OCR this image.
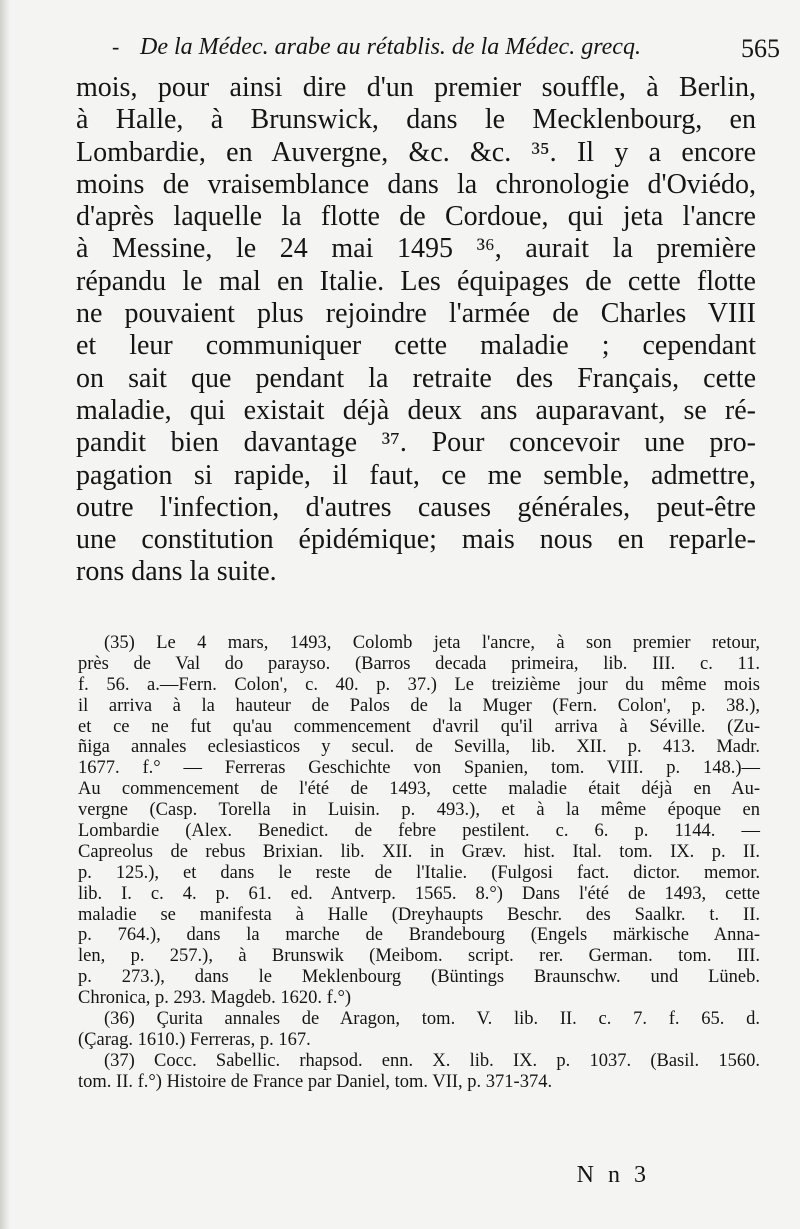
- De la Médec. arabe au rétablis. de la Médec. grecq.	565
mois, pour ainsi dire d'un premier souffle, à Berlin,
à Halle, à Brunswick, dans le Mecklenbourg, en
Lombardie, en Auvergne, &c. &c. ³⁵. Il y a encore
moins de vraisemblance dans la chronologie d'Oviédo,
d'après laquelle la flotte de Cordoue, qui jeta l'ancre
à Messine, le 24 mai 1495 ³⁶, aurait la première
répandu le mal en Italie. Les équipages de cette flotte
ne pouvaient plus rejoindre l'armée de Charles VIII
et leur communiquer cette maladie ; cependant
on sait que pendant la retraite des Français, cette
maladie, qui existait déjà deux ans auparavant, se ré-
pandit bien davantage ³⁷. Pour concevoir une pro-
pagation si rapide, il faut, ce me semble, admettre,
outre l'infection, d'autres causes générales, peut-être
une constitution épidémique; mais nous en reparle-
rons dans la suite.
(35) Le 4 mars, 1493, Colomb jeta l'ancre, à son premier retour,
près de Val do parayso. (Barros decada primeira, lib. III. c. 11.
f. 56. a.—Fern. Colon', c. 40. p. 37.) Le treizième jour du même mois
il arriva à la hauteur de Palos de la Muger (Fern. Colon', p. 38.),
et ce ne fut qu'au commencement d'avril qu'il arriva à Séville. (Zu-
ñiga annales eclesiasticos y secul. de Sevilla, lib. XII. p. 413. Madr.
1677. f.° — Ferreras Geschichte von Spanien, tom. VIII. p. 148.)—
Au commencement de l'été de 1493, cette maladie était déjà en Au-
vergne (Casp. Torella in Luisin. p. 493.), et à la même époque en
Lombardie (Alex. Benedict. de febre pestilent. c. 6. p. 1144. —
Capreolus de rebus Brixian. lib. XII. in Græv. hist. Ital. tom. IX. p. II.
p. 125.), et dans le reste de l'Italie. (Fulgosi fact. dictor. memor.
lib. I. c. 4. p. 61. ed. Antverp. 1565. 8.°) Dans l'été de 1493, cette
maladie se manifesta à Halle (Dreyhaupts Beschr. des Saalkr. t. II.
p. 764.), dans la marche de Brandebourg (Engels märkische Anna-
len, p. 257.), à Brunswik (Meibom. script. rer. German. tom. III.
p. 273.), dans le Meklenbourg (Büntings Braunschw. und Lüneb.
Chronica, p. 293. Magdeb. 1620. f.°)
(36) Çurita annales de Aragon, tom. V. lib. II. c. 7. f. 65. d.
(Çarag. 1610.) Ferreras, p. 167.
(37) Cocc. Sabellic. rhapsod. enn. X. lib. IX. p. 1037. (Basil. 1560.
tom. II. f.°) Histoire de France par Daniel, tom. VII, p. 371-374.
N n 3
